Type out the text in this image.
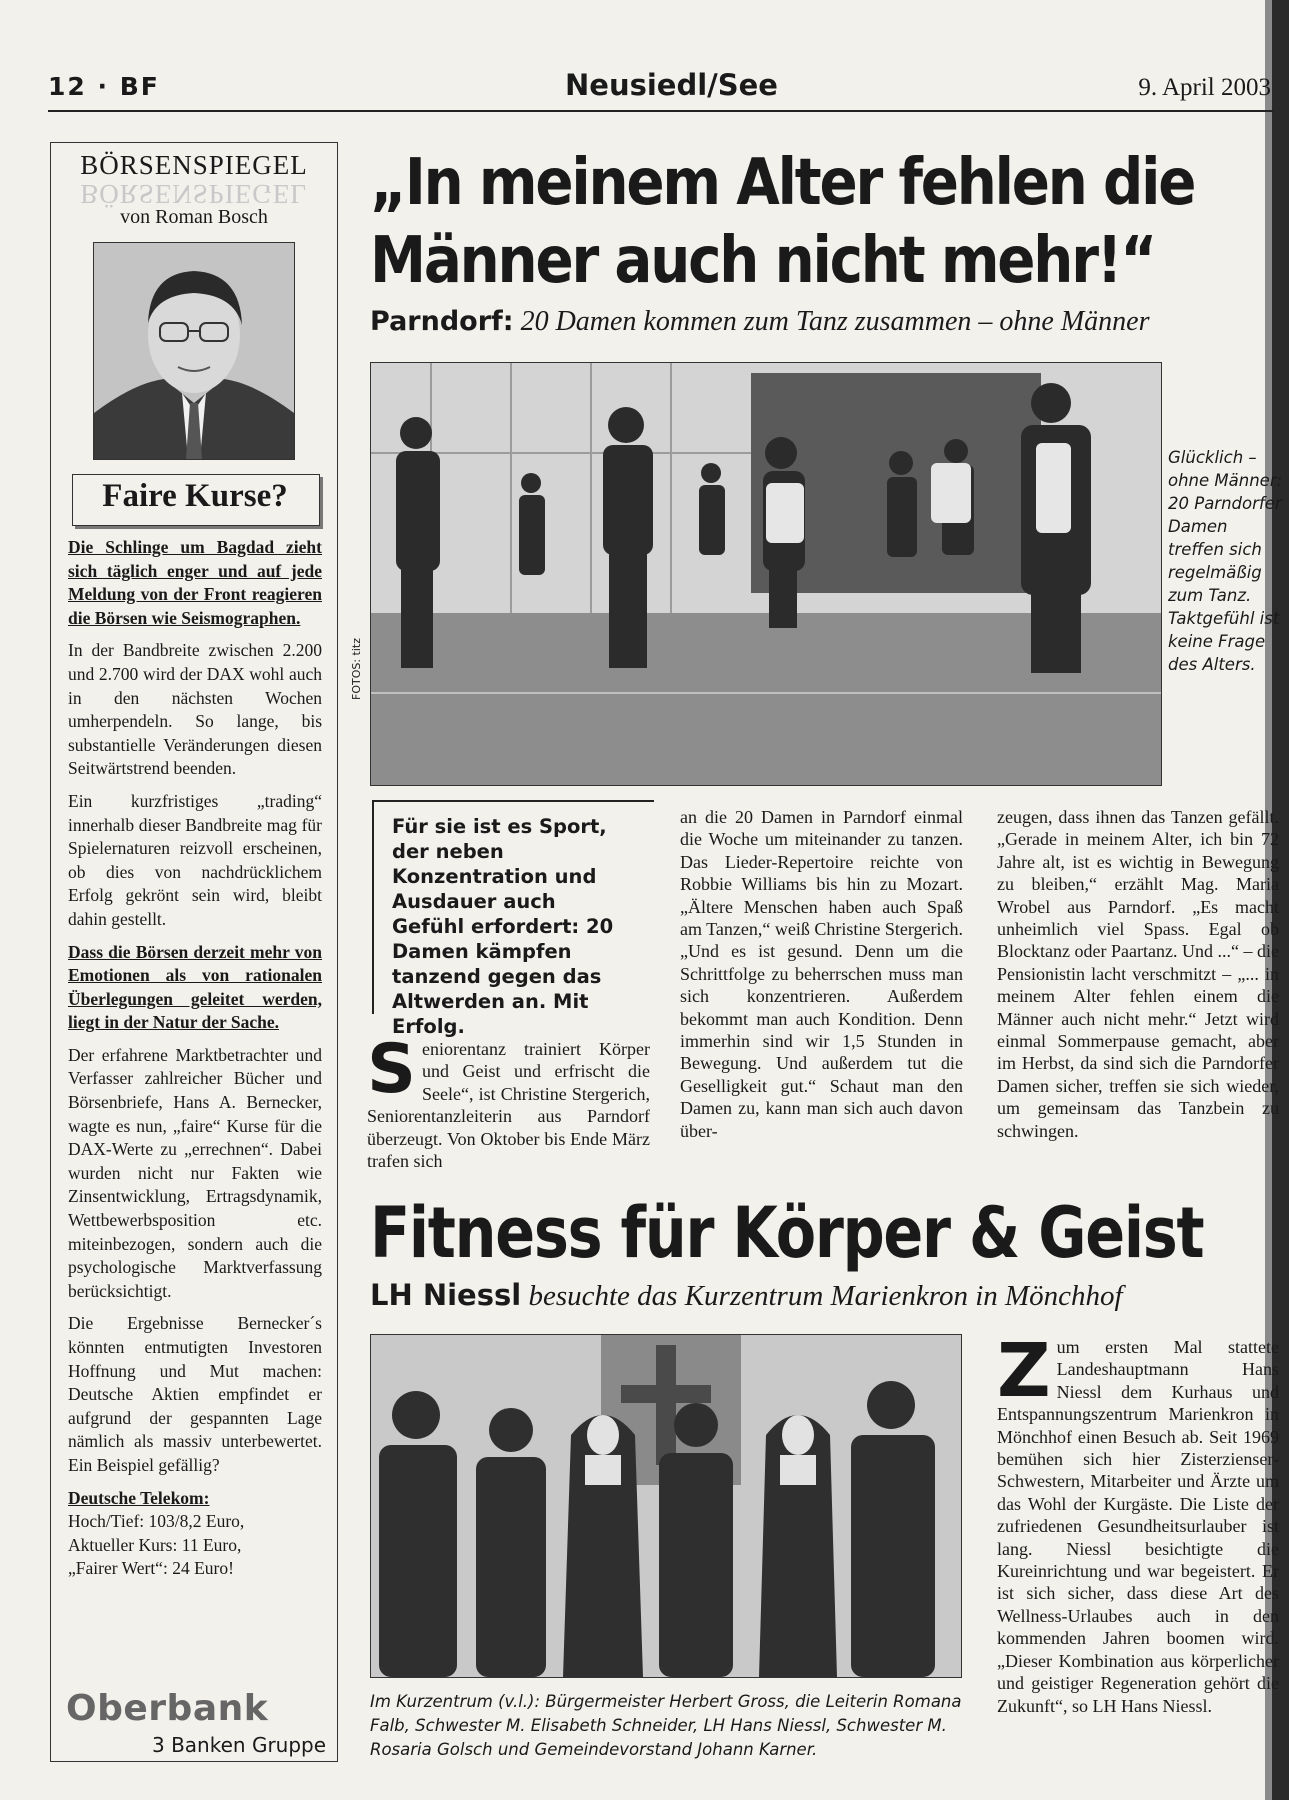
12 · BF	Neusiedl/See	9. April 2003
BÖRSENSPIEGEL
BÖRSENSPIEGEL
von Roman Bosch
Faire Kurse?

Die Schlinge um Bagdad zieht sich täglich enger und auf jede Meldung von der Front reagieren die Börsen wie Seismographen.

In der Bandbreite zwischen 2.200 und 2.700 wird der DAX wohl auch in den nächsten Wochen umherpendeln. So lange, bis substantielle Veränderungen diesen Seitwärtstrend beenden.

Ein kurzfristiges „trading“ innerhalb dieser Bandbreite mag für Spielernaturen reizvoll erscheinen, ob dies von nachdrücklichem Erfolg gekrönt sein wird, bleibt dahin gestellt.

Dass die Börsen derzeit mehr von Emotionen als von rationalen Überlegungen geleitet werden, liegt in der Natur der Sache.

Der erfahrene Marktbetrachter und Verfasser zahlreicher Bücher und Börsenbriefe, Hans A. Bernecker, wagte es nun, „faire“ Kurse für die DAX-Werte zu „errechnen“. Dabei wurden nicht nur Fakten wie Zinsentwicklung, Ertragsdynamik, Wettbewerbsposition etc. miteinbezogen, sondern auch die psychologische Marktverfassung berücksichtigt.

Die Ergebnisse Bernecker´s könnten entmutigten Investoren Hoffnung und Mut machen: Deutsche Aktien empfindet er aufgrund der gespannten Lage nämlich als massiv unterbewertet. Ein Beispiel gefällig?

Deutsche Telekom:
Hoch/Tief: 103/8,2 Euro,
Aktueller Kurs: 11 Euro,
„Fairer Wert“: 24 Euro!
Oberbank
3 Banken Gruppe
„In meinem Alter fehlen die
Männer auch nicht mehr!“
Parndorf: 20 Damen kommen zum Tanz zusammen – ohne Männer
FOTOS: titz
Glücklich – ohne Männer: 20 Parndorfer Damen treffen sich regelmäßig zum Tanz. Taktgefühl ist keine Frage des Alters.
Für sie ist es Sport, der neben Konzentration und Ausdauer auch Gefühl erfordert: 20 Damen kämpfen tanzend gegen das Altwerden an. Mit Erfolg.
Seniorentanz trainiert Körper und Geist und erfrischt die Seele“, ist Christine Stergerich, Seniorentanzleiterin aus Parndorf überzeugt. Von Oktober bis Ende März trafen sich
an die 20 Damen in Parndorf einmal die Woche um miteinander zu tanzen. Das Lieder-Repertoire reichte von Robbie Williams bis hin zu Mozart. „Ältere Menschen haben auch Spaß am Tanzen,“ weiß Christine Stergerich. „Und es ist gesund. Denn um die Schrittfolge zu beherrschen muss man sich konzentrieren. Außerdem bekommt man auch Kondition. Denn immerhin sind wir 1,5 Stunden in Bewegung. Und außerdem tut die Geselligkeit gut.“ Schaut man den Damen zu, kann man sich auch davon über-
zeugen, dass ihnen das Tanzen gefällt. „Gerade in meinem Alter, ich bin 72 Jahre alt, ist es wichtig in Bewegung zu bleiben,“ erzählt Mag. Maria Wrobel aus Parndorf. „Es macht unheimlich viel Spass. Egal ob Blocktanz oder Paartanz. Und ...“ – die Pensionistin lacht verschmitzt – „... in meinem Alter fehlen einem die Männer auch nicht mehr.“ Jetzt wird einmal Sommerpause gemacht, aber im Herbst, da sind sich die Parndorfer Damen sicher, treffen sie sich wieder, um gemeinsam das Tanzbein zu schwingen.
Fitness für Körper & Geist
LH Niessl besuchte das Kurzentrum Marienkron in Mönchhof
Im Kurzentrum (v.l.): Bürgermeister Herbert Gross, die Leiterin Romana Falb, Schwester M. Elisabeth Schneider, LH Hans Niessl, Schwester M. Rosaria Golsch und Gemeindevorstand Johann Karner.
Zum ersten Mal stattete Landeshauptmann Hans Niessl dem Kurhaus und Entspannungszentrum Marienkron in Mönchhof einen Besuch ab. Seit 1969 bemühen sich hier Zisterzienser-Schwestern, Mitarbeiter und Ärzte um das Wohl der Kurgäste. Die Liste der zufriedenen Gesundheitsurlauber ist lang. Niessl besichtigte die Kureinrichtung und war begeistert. Er ist sich sicher, dass diese Art des Wellness-Urlaubes auch in den kommenden Jahren boomen wird. „Dieser Kombination aus körperlicher und geistiger Regeneration gehört die Zukunft“, so LH Hans Niessl.
